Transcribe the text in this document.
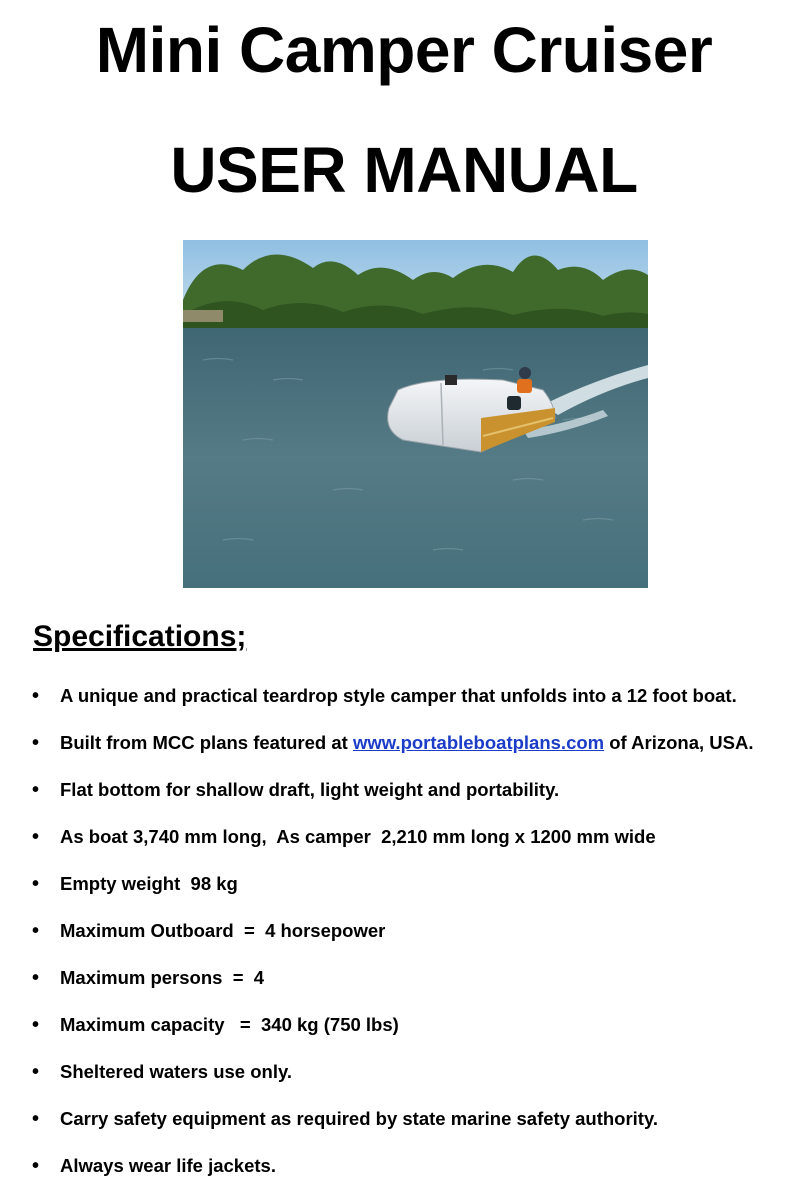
Mini Camper Cruiser
USER MANUAL
Specifications;
• A unique and practical teardrop style camper that unfolds into a 12 foot boat.
• Built from MCC plans featured at www.portableboatplans.com of Arizona, USA.
• Flat bottom for shallow draft, light weight and portability.
• As boat 3,740 mm long,  As camper  2,210 mm long x 1200 mm wide
• Empty weight  98 kg
• Maximum Outboard  =  4 horsepower
• Maximum persons  =  4
• Maximum capacity   =  340 kg (750 lbs)
• Sheltered waters use only.
• Carry safety equipment as required by state marine safety authority.
• Always wear life jackets.
